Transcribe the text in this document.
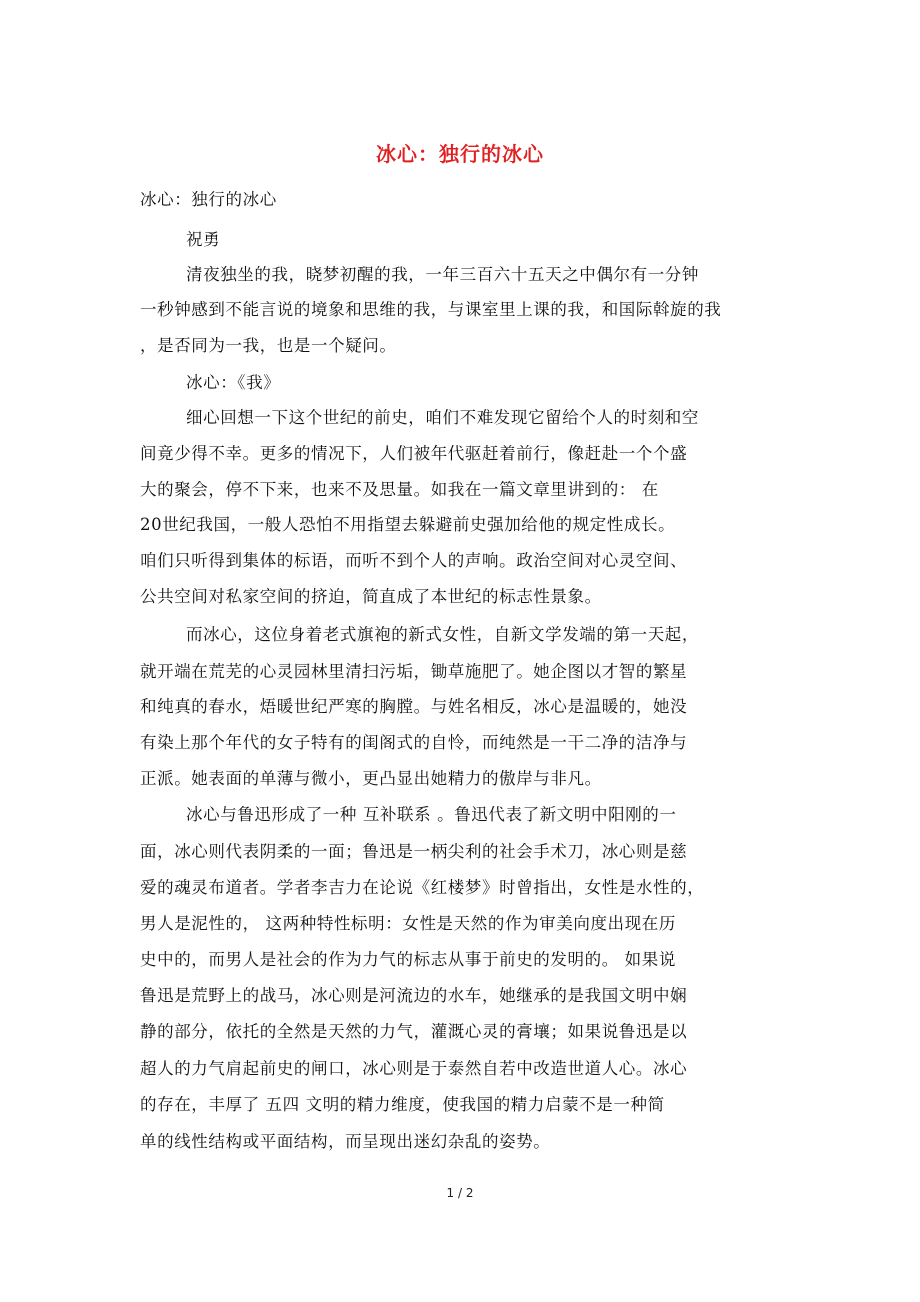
冰心：独行的冰心
冰心：独行的冰心
祝勇
清夜独坐的我，晓梦初醒的我，一年三百六十五天之中偶尔有一分钟
一秒钟感到不能言说的境象和思维的我，与课室里上课的我，和国际斡旋的我
，是否同为一我，也是一个疑问。
冰心：《我》
细心回想一下这个世纪的前史，咱们不难发现它留给个人的时刻和空
间竟少得不幸。更多的情况下，人们被年代驱赶着前行，像赶赴一个个盛
大的聚会，停不下来，也来不及思量。如我在一篇文章里讲到的： 在
20世纪我国，一般人恐怕不用指望去躲避前史强加给他的规定性成长。
咱们只听得到集体的标语，而听不到个人的声响。政治空间对心灵空间、
公共空间对私家空间的挤迫，简直成了本世纪的标志性景象。
而冰心，这位身着老式旗袍的新式女性，自新文学发端的第一天起，
就开端在荒芜的心灵园林里清扫污垢，锄草施肥了。她企图以才智的繁星
和纯真的春水，焐暖世纪严寒的胸膛。与姓名相反，冰心是温暖的，她没
有染上那个年代的女子特有的闺阁式的自怜，而纯然是一干二净的洁净与
正派。她表面的单薄与微小，更凸显出她精力的傲岸与非凡。
冰心与鲁迅形成了一种 互补联系 。鲁迅代表了新文明中阳刚的一
面，冰心则代表阴柔的一面；鲁迅是一柄尖利的社会手术刀，冰心则是慈
爱的魂灵布道者。学者李吉力在论说《红楼梦》时曾指出，女性是水性的，
男人是泥性的， 这两种特性标明：女性是天然的作为审美向度出现在历
史中的，而男人是社会的作为力气的标志从事于前史的发明的。 如果说
鲁迅是荒野上的战马，冰心则是河流边的水车，她继承的是我国文明中娴
静的部分，依托的全然是天然的力气，灌溉心灵的膏壤；如果说鲁迅是以
超人的力气肩起前史的闸口，冰心则是于泰然自若中改造世道人心。冰心
的存在，丰厚了 五四 文明的精力维度，使我国的精力启蒙不是一种简
单的线性结构或平面结构，而呈现出迷幻杂乱的姿势。
1 / 2
